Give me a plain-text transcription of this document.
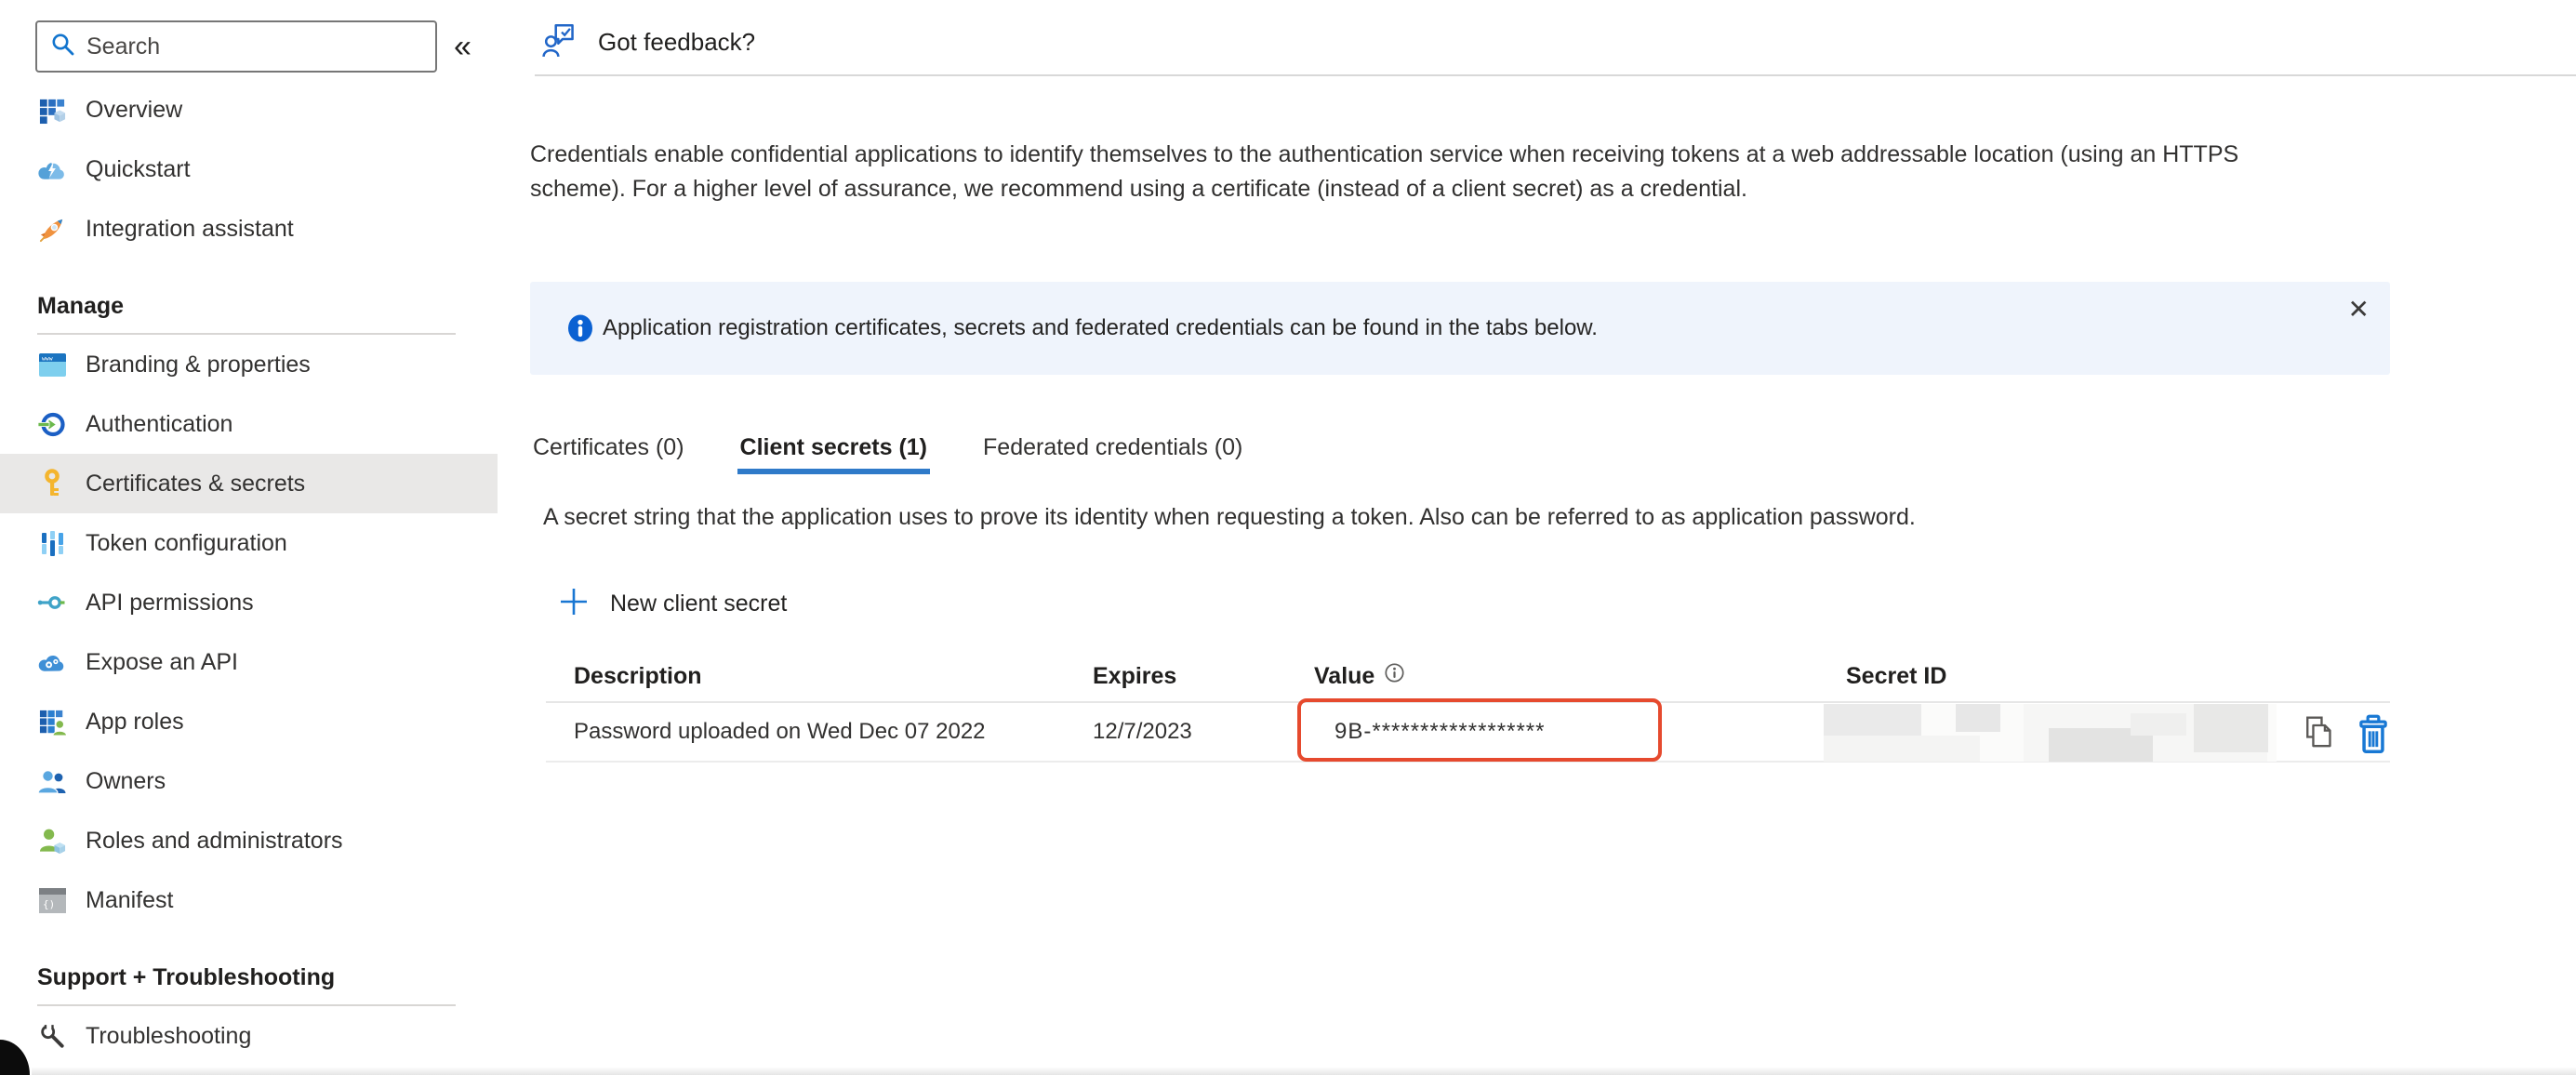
Search
«
Overview
Quickstart
Integration assistant
Manage
www Branding & properties
Authentication
Certificates & secrets
Token configuration
API permissions
Expose an API
App roles
Owners
Roles and administrators
{) Manifest
Support + Troubleshooting
Troubleshooting
Got feedback?

Credentials enable confidential applications to identify themselves to the authentication service when receiving tokens at a web addressable location (using an HTTPS scheme). For a higher level of assurance, we recommend using a certificate (instead of a client secret) as a credential.

Application registration certificates, secrets and federated credentials can be found in the tabs below.
✕
Certificates (0) Client secrets (1) Federated credentials (0)

A secret string that the application uses to prove its identity when requesting a token. Also can be referred to as application password.

New client secret
Description	Expires	Value	Secret ID
Password uploaded on Wed Dec 07 2022	12/7/2023	9B-******************
